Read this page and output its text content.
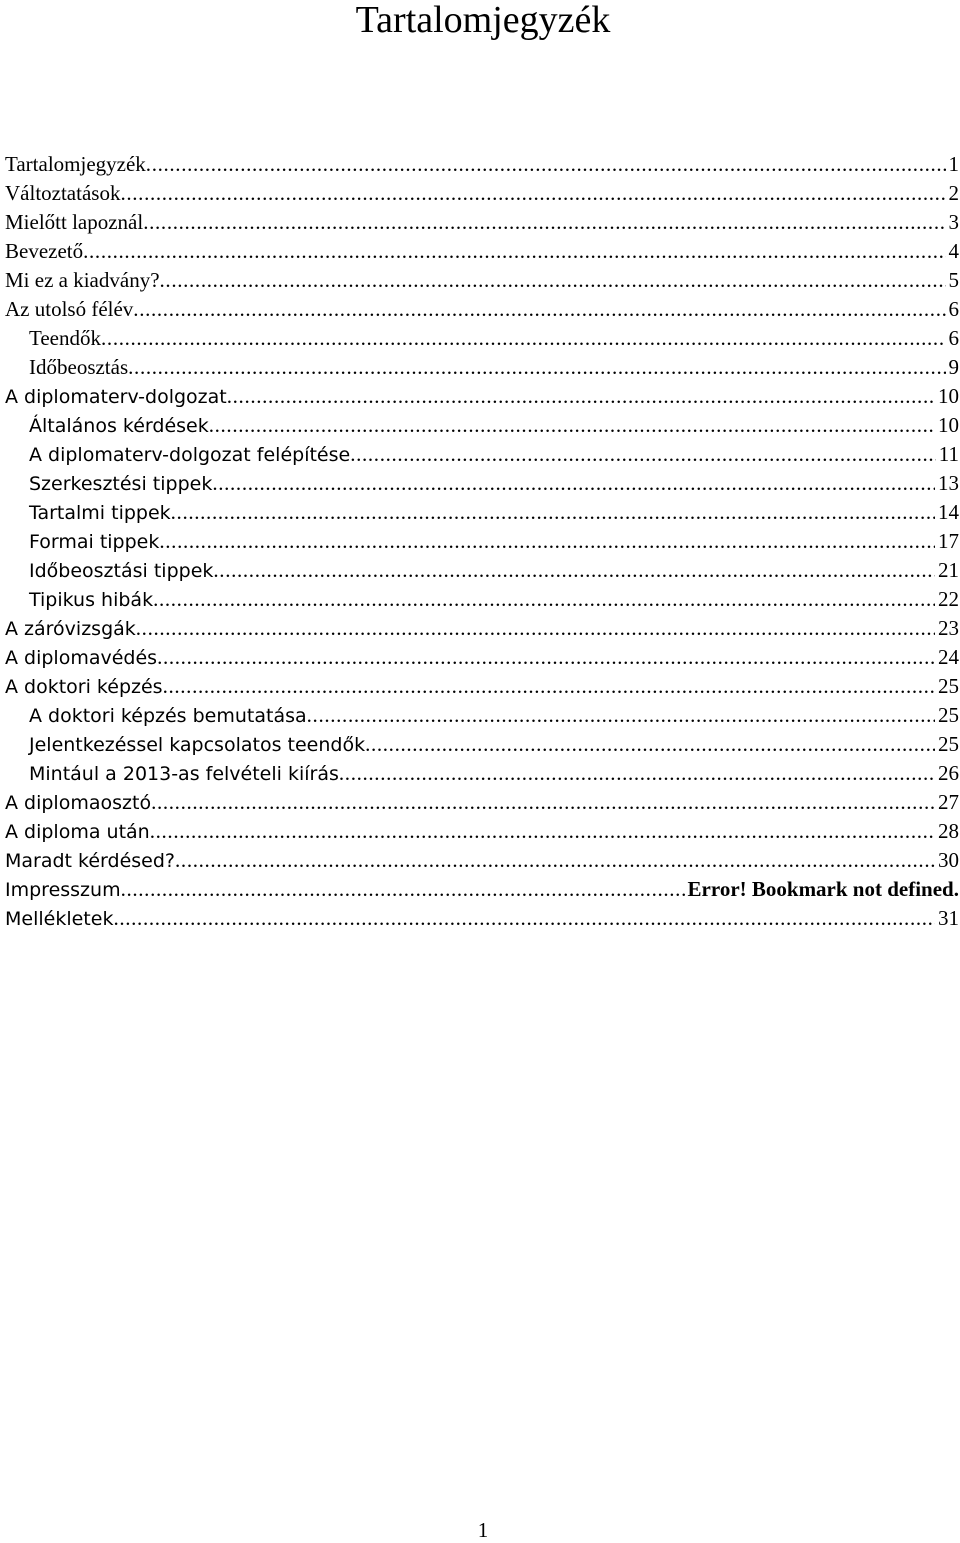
Tartalomjegyzék
Tartalomjegyzék . . .	1
Változtatások . . .	2
Mielőtt lapoznál . . .	3
Bevezető . . .	4
Mi ez a kiadvány? . . .	5
Az utolsó félév . . .	6
Teendők . . .	6
Időbeosztás . . .	9
A diplomaterv-dolgozat . . .	10
Általános kérdések . . .	10
A diplomaterv-dolgozat felépítése . . .	11
Szerkesztési tippek . . .	13
Tartalmi tippek . . .	14
Formai tippek . . .	17
Időbeosztási tippek . . .	21
Tipikus hibák . . .	22
A záróvizsgák . . .	23
A diplomavédés . . .	24
A doktori képzés . . .	25
A doktori képzés bemutatása . . .	25
Jelentkezéssel kapcsolatos teendők . . .	25
Mintául a 2013-as felvételi kiírás . . .	26
A diplomaosztó . . .	27
A diploma után . . .	28
Maradt kérdésed? . . .	30
Impresszum . . .	Error! Bookmark not defined.
Mellékletek . . .	31
1
